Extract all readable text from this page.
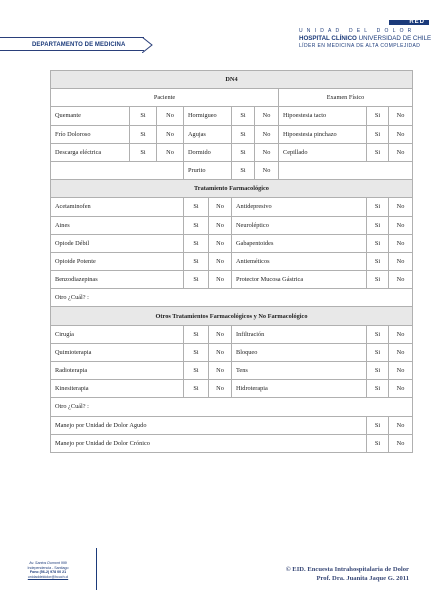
DEPARTAMENTO DE MEDICINA
RED
UNIDAD DEL DOLOR
HOSPITAL CLÍNICO UNIVERSIDAD DE CHILE
LÍDER EN MEDICINA DE ALTA COMPLEJIDAD
DN4									
Paciente							Examen Físico		
Quemante	Si	No	Hormigueo		Si	No	Hipoestesia tacto	Si	No
Frío Doloroso	Si	No	Agujas		Si	No	Hipoestesia pinchazo	Si	No
Descarga eléctrica	Si	No	Dormido		Si	No	Cepillado	Si	No
			Prurito		Si	No			
Tratamiento Farmacológico									
Acetaminofen			Si	No	Antidepresivo			Si	No
Aines			Si	No	Neuroléptico			Si	No
Opiode Débil			Si	No	Gabapentoides			Si	No
Opioide Potente			Si	No	Antieméticos			Si	No
Benzodiazepinas			Si	No	Protector Mucosa Gástrica			Si	No
Otro ¿Cuál? :									
Otros Tratamientos Farmacológicos y No Farmacológico									
Cirugía			Si	No	Infiltración			Si	No
Quimioterapia			Si	No	Bloqueo			Si	No
Radioterapia			Si	No	Tens			Si	No
Kinesiterapia			Si	No	Hidroterapia			Si	No
Otro ¿Cuál? :									
Manejo por Unidad de Dolor Agudo								Si	No
Manejo por Unidad de Dolor Crónico								Si	No
Av. Santos Dumont 999
Independencia - Santiago
Fono (56-2) 978 00 21
unidaddeldolor@hcuch.cl
© EID. Encuesta Intrahospitalaria de Dolor
Prof. Dra. Juanita Jaque G. 2011
